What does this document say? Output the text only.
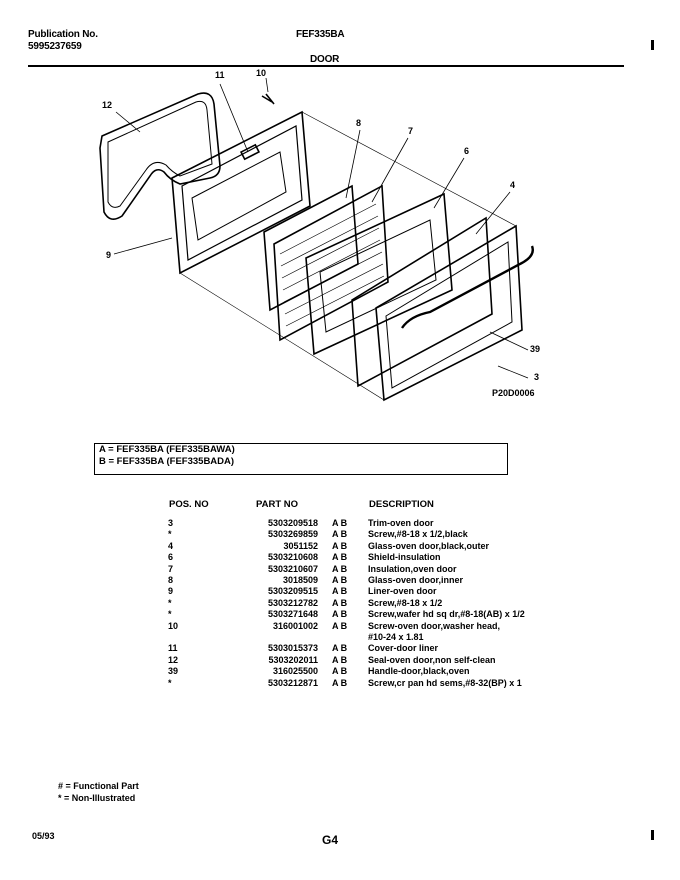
Publication No.
5995237659
FEF335BA
DOOR
12
11	10
8
7
6
4
9
39
3
P20D0006
A = FEF335BA (FEF335BAWA)
B = FEF335BA (FEF335BADA)
POS. NO	PART NO		DESCRIPTION
3	5303209518	A B	Trim-oven door
*	5303269859	A B	Screw,#8-18 x 1/2,black
4	3051152	A B	Glass-oven door,black,outer
6	5303210608	A B	Shield-insulation
7	5303210607	A B	Insulation,oven door
8	3018509	A B	Glass-oven door,inner
9	5303209515	A B	Liner-oven door
*	5303212782	A B	Screw,#8-18 x 1/2
*	5303271648	A B	Screw,wafer hd sq dr,#8-18(AB) x 1/2
10	316001002	A B	Screw-oven door,washer head,
			#10-24 x 1.81
11	5303015373	A B	Cover-door liner
12	5303202011	A B	Seal-oven door,non self-clean
39	316025500	A B	Handle-door,black,oven
*	5303212871	A B	Screw,cr pan hd sems,#8-32(BP) x 1
# = Functional Part
* = Non-Illustrated
05/93	G4
